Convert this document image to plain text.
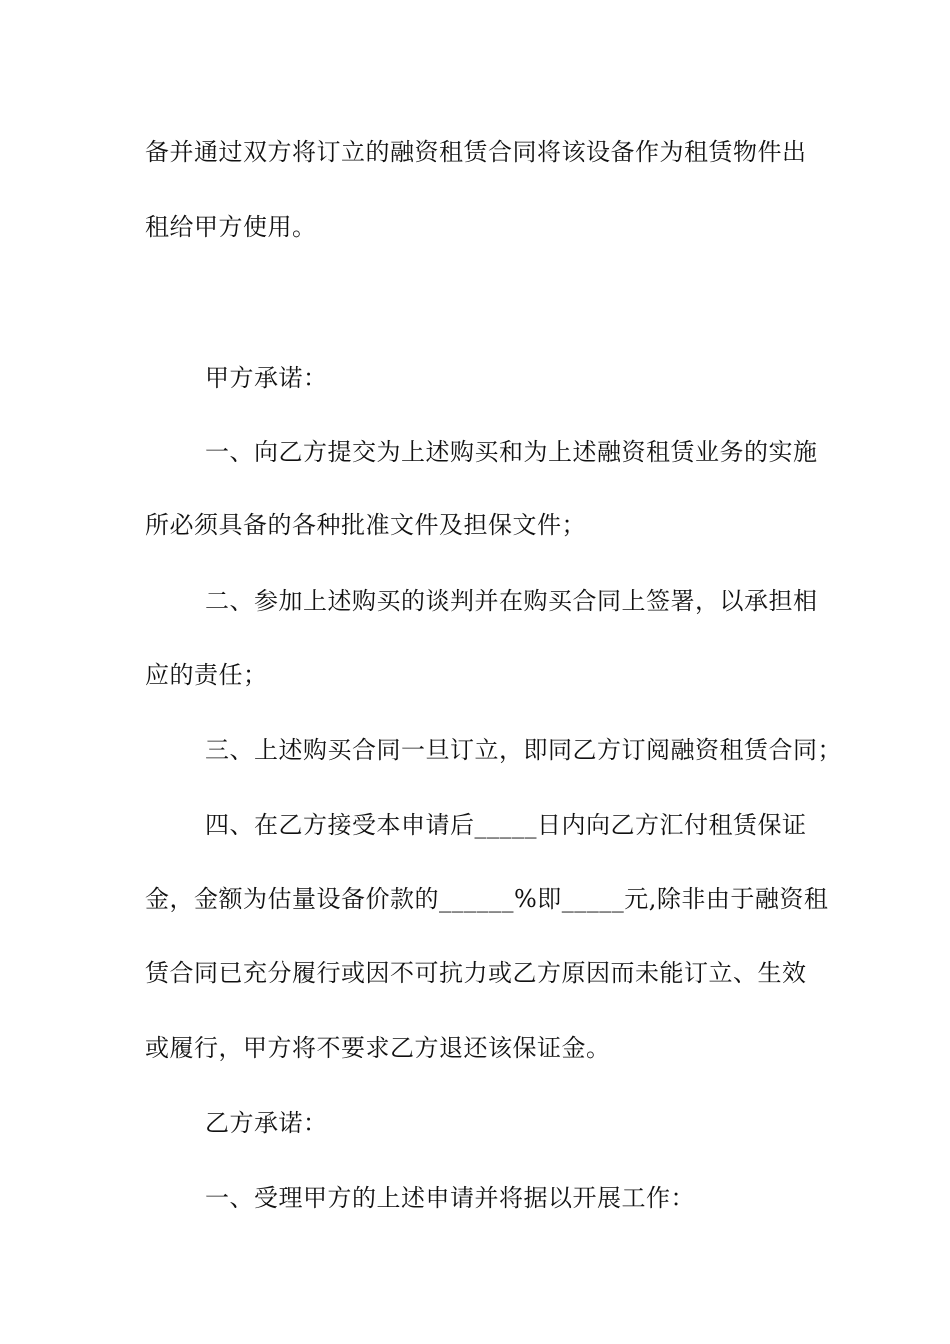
备并通过双方将订立的融资租赁合同将该设备作为租赁物件出
租给甲方使用。
甲方承诺：
一、向乙方提交为上述购买和为上述融资租赁业务的实施
所必须具备的各种批准文件及担保文件；
二、参加上述购买的谈判并在购买合同上签署，以承担相
应的责任；
三、上述购买合同一旦订立，即同乙方订阅融资租赁合同；
四、在乙方接受本申请后_____日内向乙方汇付租赁保证
金，金额为估量设备价款的______%即_____元,除非由于融资租
赁合同已充分履行或因不可抗力或乙方原因而未能订立、生效
或履行，甲方将不要求乙方退还该保证金。
乙方承诺：
一、受理甲方的上述申请并将据以开展工作：
